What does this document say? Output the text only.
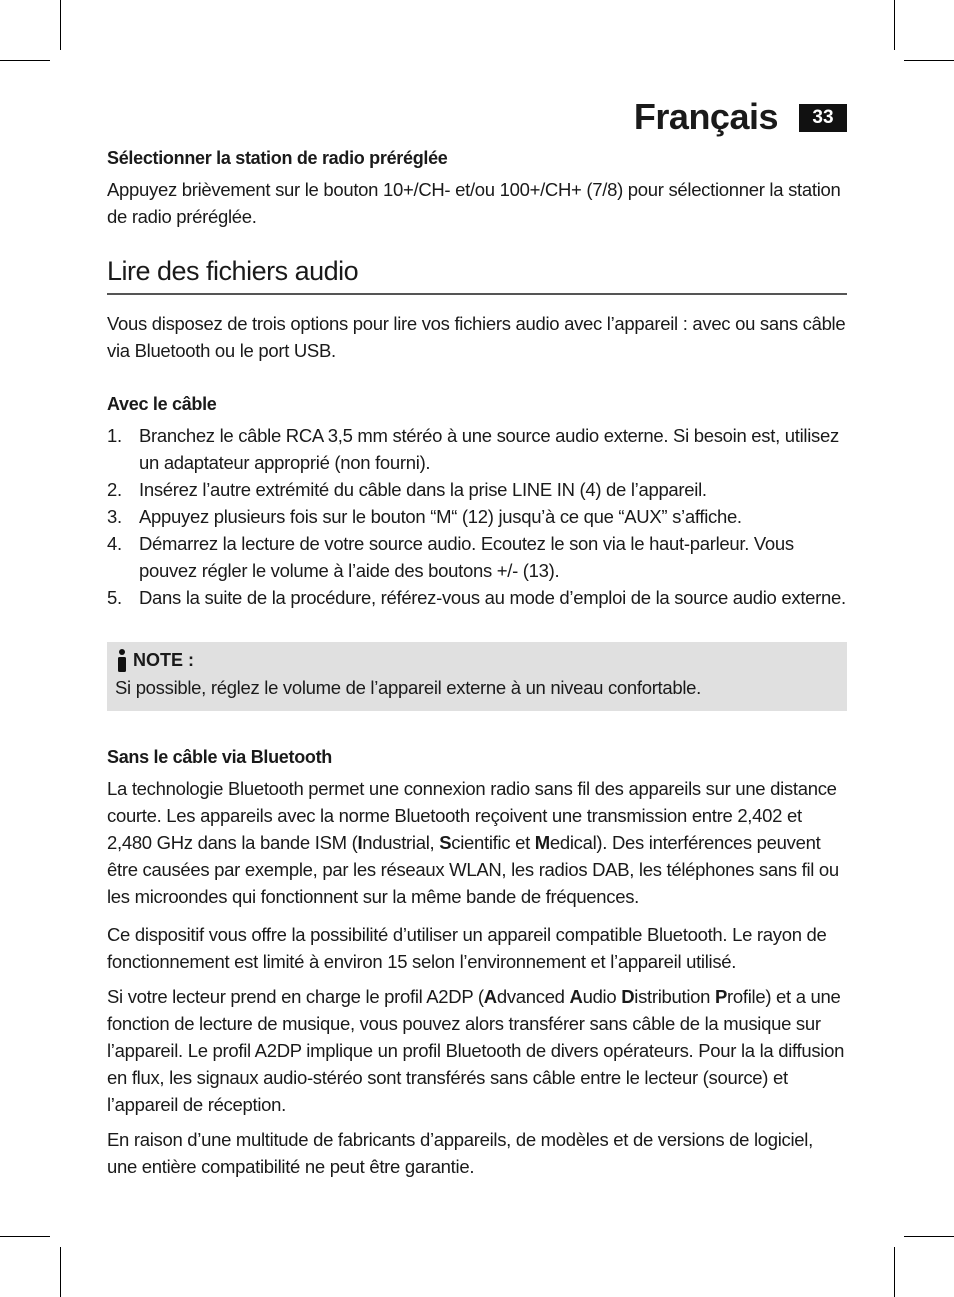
Français	33

Sélectionner la station de radio préréglée

Appuyez brièvement sur le bouton 10+/CH- et/ou 100+/CH+ (7/8) pour sélectionner la station de radio préréglée.

Lire des fichiers audio

Vous disposez de trois options pour lire vos fichiers audio avec l’appareil : avec ou sans câble via Bluetooth ou le port USB.

Avec le câble

1. Branchez le câble RCA 3,5 mm stéréo à une source audio externe. Si besoin est, utilisez un adaptateur approprié (non fourni).
2. Insérez l’autre extrémité du câble dans la prise LINE IN (4) de l’appareil.
3. Appuyez plusieurs fois sur le bouton “M“ (12) jusqu’à ce que “AUX” s’affiche.
4. Démarrez la lecture de votre source audio. Ecoutez le son via le haut-parleur. Vous pouvez régler le volume à l’aide des boutons +/- (13).
5. Dans la suite de la procédure, référez-vous au mode d’emploi de la source audio externe.
NOTE :

Si possible, réglez le volume de l’appareil externe à un niveau confortable.

Sans le câble via Bluetooth

La technologie Bluetooth permet une connexion radio sans fil des appareils sur une distance courte. Les appareils avec la norme Bluetooth reçoivent une transmission entre 2,402 et 2,480 GHz dans la bande ISM (Industrial, Scientific et Medical). Des interférences peuvent être causées par exemple, par les réseaux WLAN, les radios DAB, les téléphones sans fil ou les microondes qui fonctionnent sur la même bande de fréquences.

Ce dispositif vous offre la possibilité d’utiliser un appareil compatible Bluetooth. Le rayon de fonctionnement est limité à environ 15 selon l’environnement et l’appareil utilisé.

Si votre lecteur prend en charge le profil A2DP (Advanced Audio Distribution Profile) et a une fonction de lecture de musique, vous pouvez alors transférer sans câble de la musique sur l’appareil. Le profil A2DP implique un profil Bluetooth de divers opérateurs. Pour la la diffusion en flux, les signaux audio-stéréo sont transférés sans câble entre le lecteur (source) et l’appareil de réception.

En raison d’une multitude de fabricants d’appareils, de modèles et de versions de logiciel, une entière compatibilité ne peut être garantie.
